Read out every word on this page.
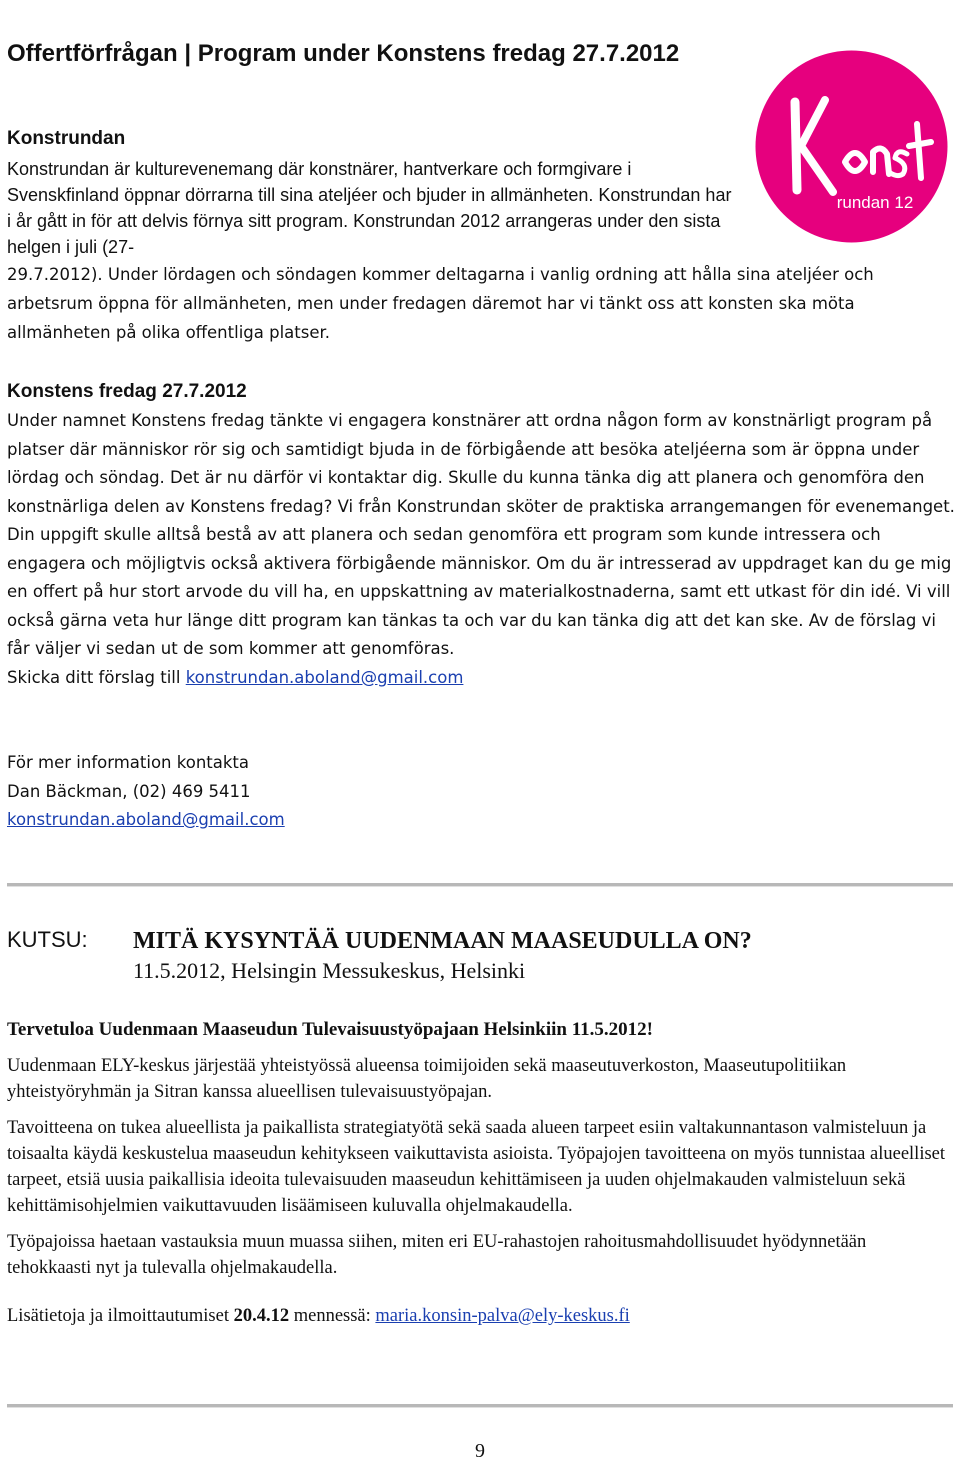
Offertförfrågan | Program under Konstens fredag 27.7.2012
rundan 12
Konstrundan

Konstrundan är kulturevenemang där konstnärer, hantverkare och formgivare i Svenskfinland öppnar dörrarna till sina ateljéer och bjuder in allmänheten. Konstrundan har i år gått in för att delvis förnya sitt program. Konstrundan 2012 arrangeras under den sista helgen i juli (27-

29.7.2012). Under lördagen och söndagen kommer deltagarna i vanlig ordning att hålla sina ateljéer och arbetsrum öppna för allmänheten, men under fredagen däremot har vi tänkt oss att konsten ska möta allmänheten på olika offentliga platser.

Konstens fredag 27.7.2012

Under namnet Konstens fredag tänkte vi engagera konstnärer att ordna någon form av konstnärligt program på platser där människor rör sig och samtidigt bjuda in de förbigående att besöka ateljéerna som är öppna under lördag och söndag. Det är nu därför vi kontaktar dig. Skulle du kunna tänka dig att planera och genomföra den konstnärliga delen av Konstens fredag? Vi från Konstrundan sköter de praktiska arrangemangen för evenemanget. Din uppgift skulle alltså bestå av att planera och sedan genomföra ett program som kunde intressera och engagera och möjligtvis också aktivera förbigående människor. Om du är intresserad av uppdraget kan du ge mig en offert på hur stort arvode du vill ha, en uppskattning av materialkostnaderna, samt ett utkast för din idé. Vi vill också gärna veta hur länge ditt program kan tänkas ta och var du kan tänka dig att det kan ske. Av de förslag vi får väljer vi sedan ut de som kommer att genomföras.

Skicka ditt förslag till konstrundan.aboland@gmail.com

För mer information kontakta

Dan Bäckman, (02) 469 5411

konstrundan.aboland@gmail.com

KUTSU: MITÄ KYSYNTÄÄ UUDENMAAN MAASEUDULLA ON?
11.5.2012, Helsingin Messukeskus, Helsinki

Tervetuloa Uudenmaan Maaseudun Tulevaisuustyöpajaan Helsinkiin 11.5.2012!

Uudenmaan ELY-keskus järjestää yhteistyössä alueensa toimijoiden sekä maaseutuverkoston, Maaseutupolitiikan yhteistyöryhmän ja Sitran kanssa alueellisen tulevaisuustyöpajan.

Tavoitteena on tukea alueellista ja paikallista strategiatyötä sekä saada alueen tarpeet esiin valtakunnantason valmisteluun ja toisaalta käydä keskustelua maaseudun kehitykseen vaikuttavista asioista. Työpajojen tavoitteena on myös tunnistaa alueelliset tarpeet, etsiä uusia paikallisia ideoita tulevaisuuden maaseudun kehittämiseen ja uuden ohjelmakauden valmisteluun sekä kehittämisohjelmien vaikuttavuuden lisäämiseen kuluvalla ohjelmakaudella.

Työpajoissa haetaan vastauksia muun muassa siihen, miten eri EU-rahastojen rahoitusmahdollisuudet hyödynnetään tehokkaasti nyt ja tulevalla ohjelmakaudella.

Lisätietoja ja ilmoittautumiset 20.4.12 mennessä: maria.konsin-palva@ely-keskus.fi

9
